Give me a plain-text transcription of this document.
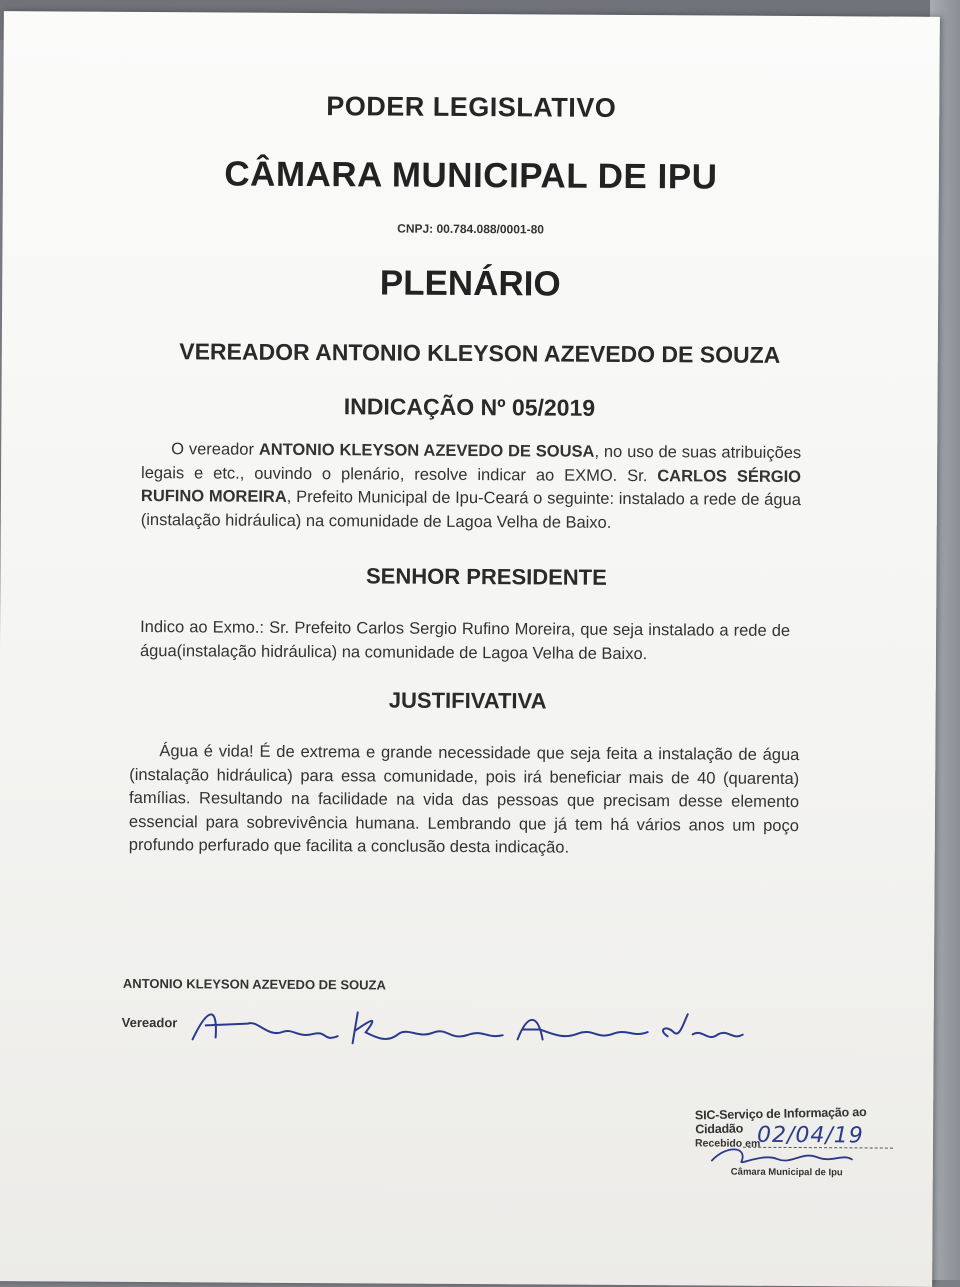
PODER LEGISLATIVO
CÂMARA MUNICIPAL DE IPU
CNPJ: 00.784.088/0001-80
PLENÁRIO
VEREADOR ANTONIO KLEYSON AZEVEDO DE SOUZA
INDICAÇÃO Nº 05/2019
O vereador ANTONIO KLEYSON AZEVEDO DE SOUSA, no uso de suas atribuições legais e etc., ouvindo o plenário, resolve indicar ao EXMO. Sr. CARLOS SÉRGIO RUFINO MOREIRA, Prefeito Municipal de Ipu-Ceará o seguinte: instalado a rede de água (instalação hidráulica) na comunidade de Lagoa Velha de Baixo.
SENHOR PRESIDENTE
Indico ao Exmo.: Sr. Prefeito Carlos Sergio Rufino Moreira, que seja instalado a rede de água(instalação hidráulica) na comunidade de Lagoa Velha de Baixo.
JUSTIFIVATIVA
Água é vida! É de extrema e grande necessidade que seja feita a instalação de água (instalação hidráulica) para essa comunidade, pois irá beneficiar mais de 40 (quarenta) famílias. Resultando na facilidade na vida das pessoas que precisam desse elemento essencial para sobrevivência humana. Lembrando que já tem há vários anos um poço profundo perfurado que facilita a conclusão desta indicação.
ANTONIO KLEYSON AZEVEDO DE SOUZA
Vereador
SIC-Serviço de Informação ao Cidadão
Recebido em
02/04/19
Câmara Municipal de Ipu
